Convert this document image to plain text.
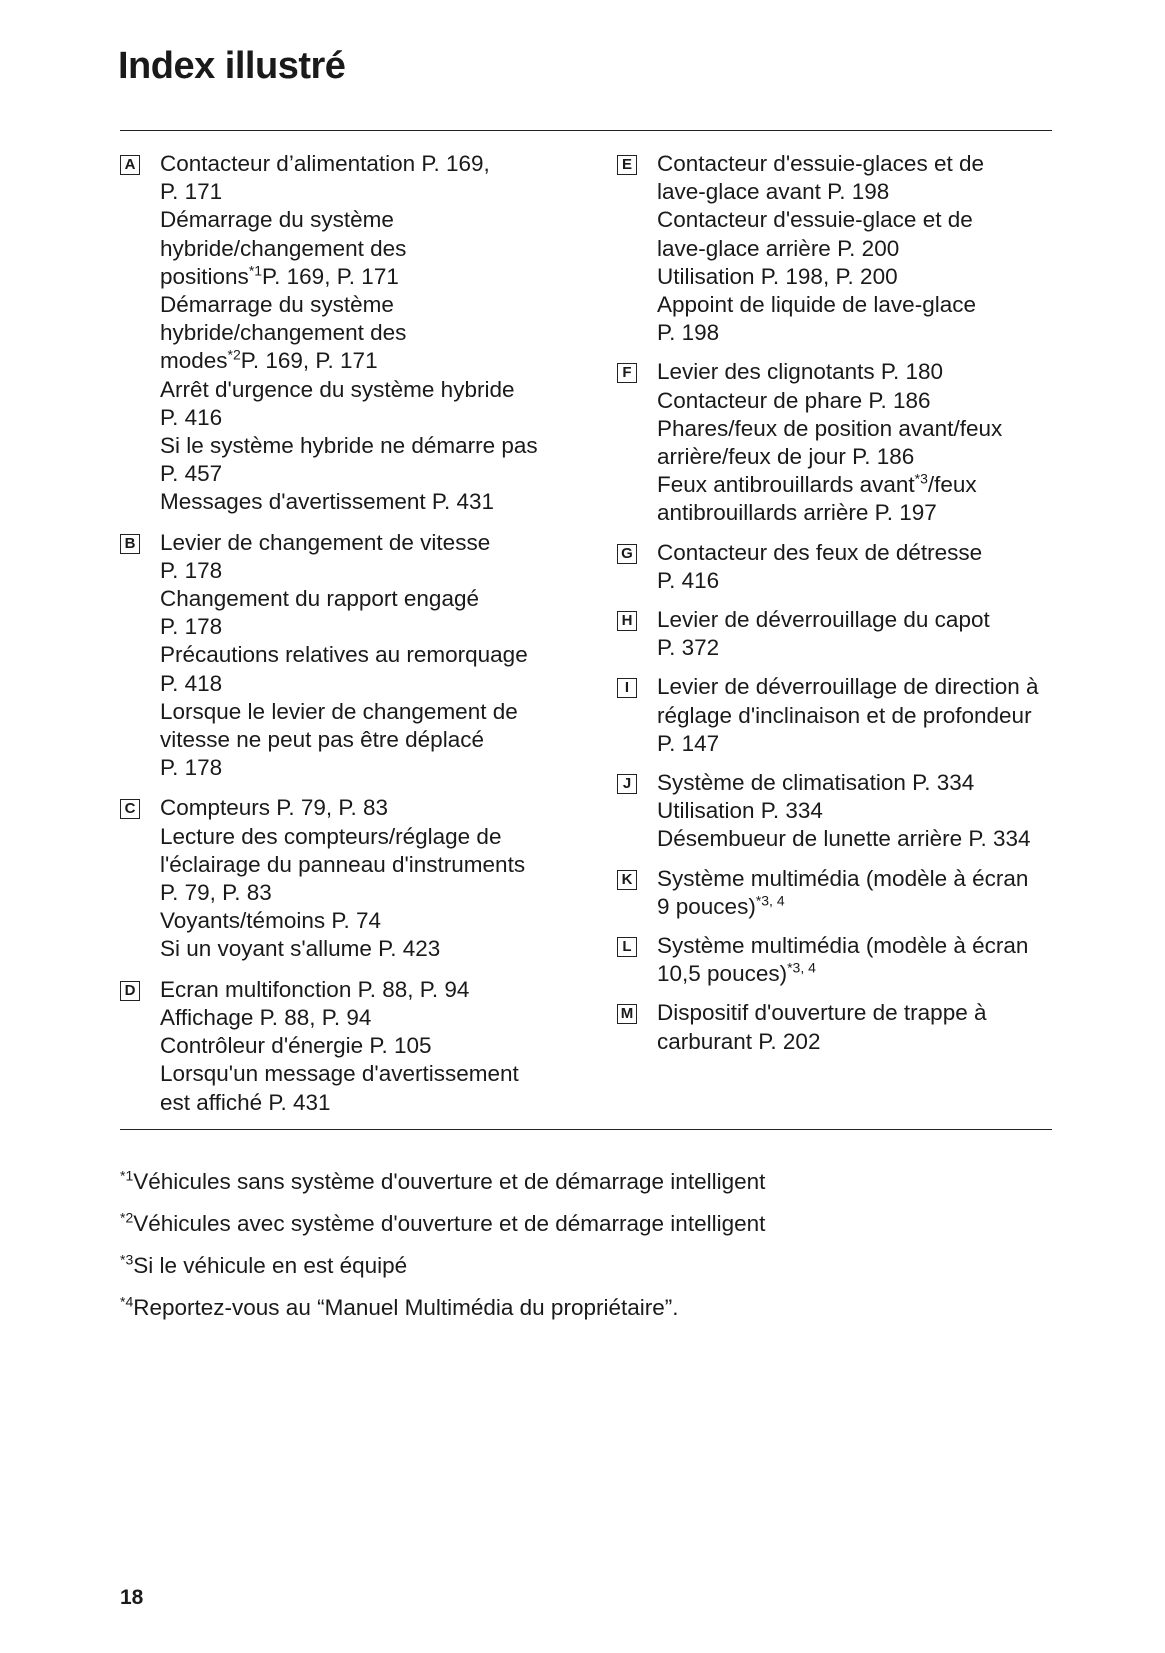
Index illustré
A Contacteur d’alimentation P. 169,
P. 171
Démarrage du système
hybride/changement des
positions$^{*1}$P. 169, P. 171
Démarrage du système
hybride/changement des
modes$^{*2}$P. 169, P. 171
Arrêt d'urgence du système hybride
P. 416
Si le système hybride ne démarre pas
P. 457
Messages d'avertissement P. 431
B Levier de changement de vitesse
P. 178
Changement du rapport engagé
P. 178
Précautions relatives au remorquage
P. 418
Lorsque le levier de changement de
vitesse ne peut pas être déplacé
P. 178
C Compteurs P. 79, P. 83
Lecture des compteurs/réglage de
l'éclairage du panneau d'instruments
P. 79, P. 83
Voyants/témoins P. 74
Si un voyant s'allume P. 423
D Ecran multifonction P. 88, P. 94
Affichage P. 88, P. 94
Contrôleur d'énergie P. 105
Lorsqu'un message d'avertissement
est affiché P. 431
E Contacteur d'essuie-glaces et de
lave-glace avant P. 198
Contacteur d'essuie-glace et de
lave-glace arrière P. 200
Utilisation P. 198, P. 200
Appoint de liquide de lave-glace
P. 198
F Levier des clignotants P. 180
Contacteur de phare P. 186
Phares/feux de position avant/feux
arrière/feux de jour P. 186
Feux antibrouillards avant$^{*3}$/feux
antibrouillards arrière P. 197
G Contacteur des feux de détresse
P. 416
H Levier de déverrouillage du capot
P. 372
I	Levier de déverrouillage de direction à
réglage d'inclinaison et de profondeur
P. 147
J Système de climatisation P. 334
Utilisation P. 334
Désembueur de lunette arrière P. 334
K Système multimédia (modèle à écran
9 pouces)$^{*3, 4}$
L Système multimédia (modèle à écran
10,5 pouces)$^{*3, 4}$
M Dispositif d'ouverture de trappe à
carburant P. 202
$^{*1}$Véhicules sans système d'ouverture et de démarrage intelligent
$^{*2}$Véhicules avec système d'ouverture et de démarrage intelligent
$^{*3}$Si le véhicule en est équipé
$^{*4}$Reportez-vous au “Manuel Multimédia du propriétaire”.
18
